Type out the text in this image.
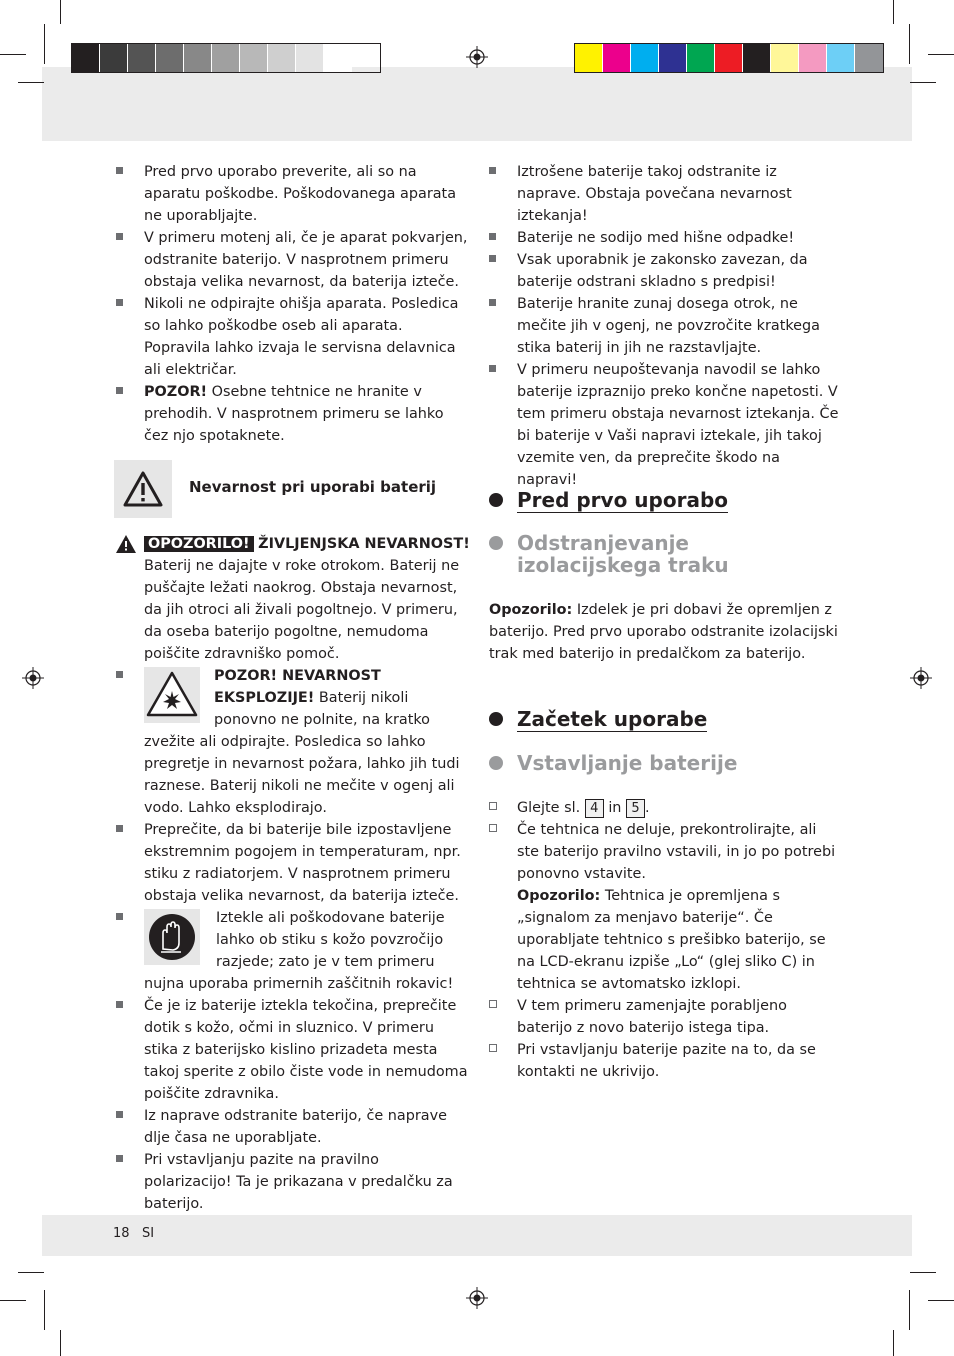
Pred prvo uporabo preverite, ali so na aparatu poškodbe. Poškodovanega aparata ne uporabljajte.
V primeru motenj ali, če je aparat pokvarjen, odstranite baterijo. V nasprotnem primeru obstaja velika nevarnost, da baterija izteče.
Nikoli ne odpirajte ohišja aparata. Posledica so lahko poškodbe oseb ali aparata. Popravila lahko izvaja le servisna delavnica ali električar.
POZOR! Osebne tehtnice ne hranite v prehodih. V nasprotnem primeru se lahko čez njo spotaknete.
Nevarnost pri uporabi baterij
OPOZORILO! ŽIVLJENJSKA NEVARNOST! Baterij ne dajajte v roke otrokom. Baterij ne puščajte ležati naokrog. Obstaja nevarnost, da jih otroci ali živali pogoltnejo. V primeru, da oseba baterijo pogoltne, nemudoma poiščite zdravniško pomoč.
POZOR! NEVARNOST EKSPLOZIJE! Baterij nikoli ponovno ne polnite, na kratko zvežite ali odpirajte. Posledica so lahko pregretje in nevarnost požara, lahko jih tudi raznese. Baterij nikoli ne mečite v ogenj ali vodo. Lahko eksplodirajo.
Preprečite, da bi baterije bile izpostavljene ekstremnim pogojem in temperaturam, npr. stiku z radiatorjem. V nasprotnem primeru obstaja velika nevarnost, da baterija izteče.
Iztekle ali poškodovane baterije lahko ob stiku s kožo povzročijo razjede; zato je v tem primeru nujna uporaba primernih zaščitnih rokavic!
Če je iz baterije iztekla tekočina, preprečite dotik s kožo, očmi in sluznico. V primeru stika z baterijsko kislino prizadeta mesta takoj sperite z obilo čiste vode in nemudoma poiščite zdravnika.
Iz naprave odstranite baterijo, če naprave dlje časa ne uporabljate.
Pri vstavljanju pazite na pravilno polarizacijo! Ta je prikazana v predalčku za baterijo.
Iztrošene baterije takoj odstranite iz naprave. Obstaja povečana nevarnost iztekanja!
Baterije ne sodijo med hišne odpadke!
Vsak uporabnik je zakonsko zavezan, da baterije odstrani skladno s predpisi!
Baterije hranite zunaj dosega otrok, ne mečite jih v ogenj, ne povzročite kratkega stika baterij in jih ne razstavljajte.
V primeru neupoštevanja navodil se lahko baterije izpraznijo preko končne napetosti. V tem primeru obstaja nevarnost iztekanja. Če bi baterije v Vaši napravi iztekale, jih takoj vzemite ven, da preprečite škodo na napravi!
Pred prvo uporabo
Odstranjevanje izolacijskega traku
Opozorilo: Izdelek je pri dobavi že opremljen z baterijo. Pred prvo uporabo odstranite izolacijski trak med baterijo in predalčkom za baterijo.
Začetek uporabe
Vstavljanje baterije
Glejte sl. 4 in 5 .
Če tehtnica ne deluje, prekontrolirajte, ali ste baterijo pravilno vstavili, in jo po potrebi ponovno vstavite.
Opozorilo: Tehtnica je opremljena s „signalom za menjavo baterije“. Če uporabljate tehtnico s prešibko baterijo, se na LCD-ekranu izpiše „Lo“ (glej sliko C) in tehtnica se avtomatsko izklopi.
V tem primeru zamenjajte porabljeno baterijo z novo baterijo istega tipa.
Pri vstavljanju baterije pazite na to, da se kontakti ne ukrivijo.
18 SI
